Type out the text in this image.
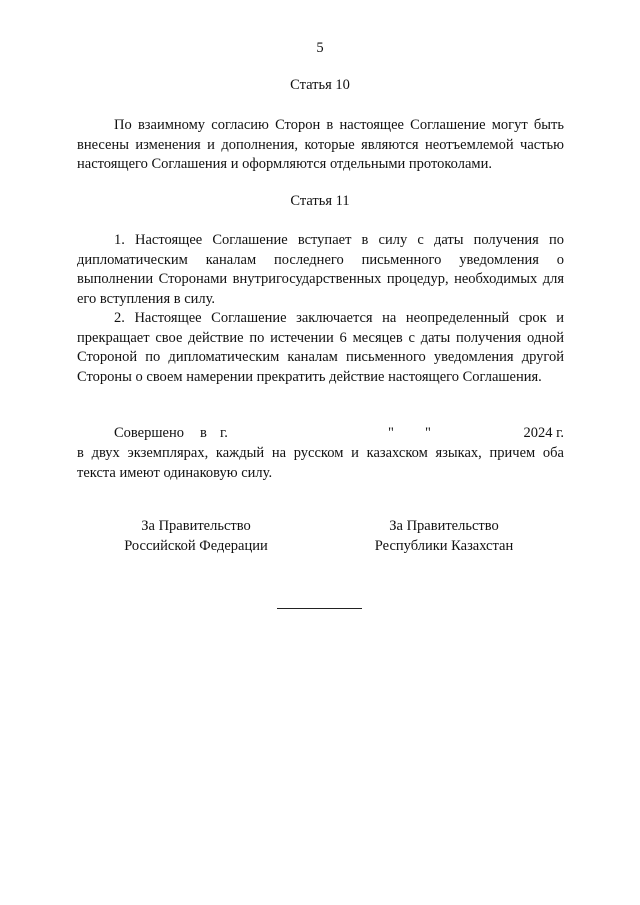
5
Статья 10
По взаимному согласию Сторон в настоящее Соглашение могут быть внесены изменения и дополнения, которые являются неотъемлемой частью настоящего Соглашения и оформляются отдельными протоколами.
Статья 11
1. Настоящее Соглашение вступает в силу с даты получения по дипломатическим каналам последнего письменного уведомления о выполнении Сторонами внутригосударственных процедур, необходимых для его вступления в силу.
2. Настоящее Соглашение заключается на неопределенный срок и прекращает свое действие по истечении 6 месяцев с даты получения одной Стороной по дипломатическим каналам письменного уведомления другой Стороны о своем намерении прекратить действие настоящего Соглашения.
Совершено в г.	" "	2024 г.
в двух экземплярах, каждый на русском и казахском языках, причем оба текста имеют одинаковую силу.
За Правительство
Российской Федерации
За Правительство
Республики Казахстан
